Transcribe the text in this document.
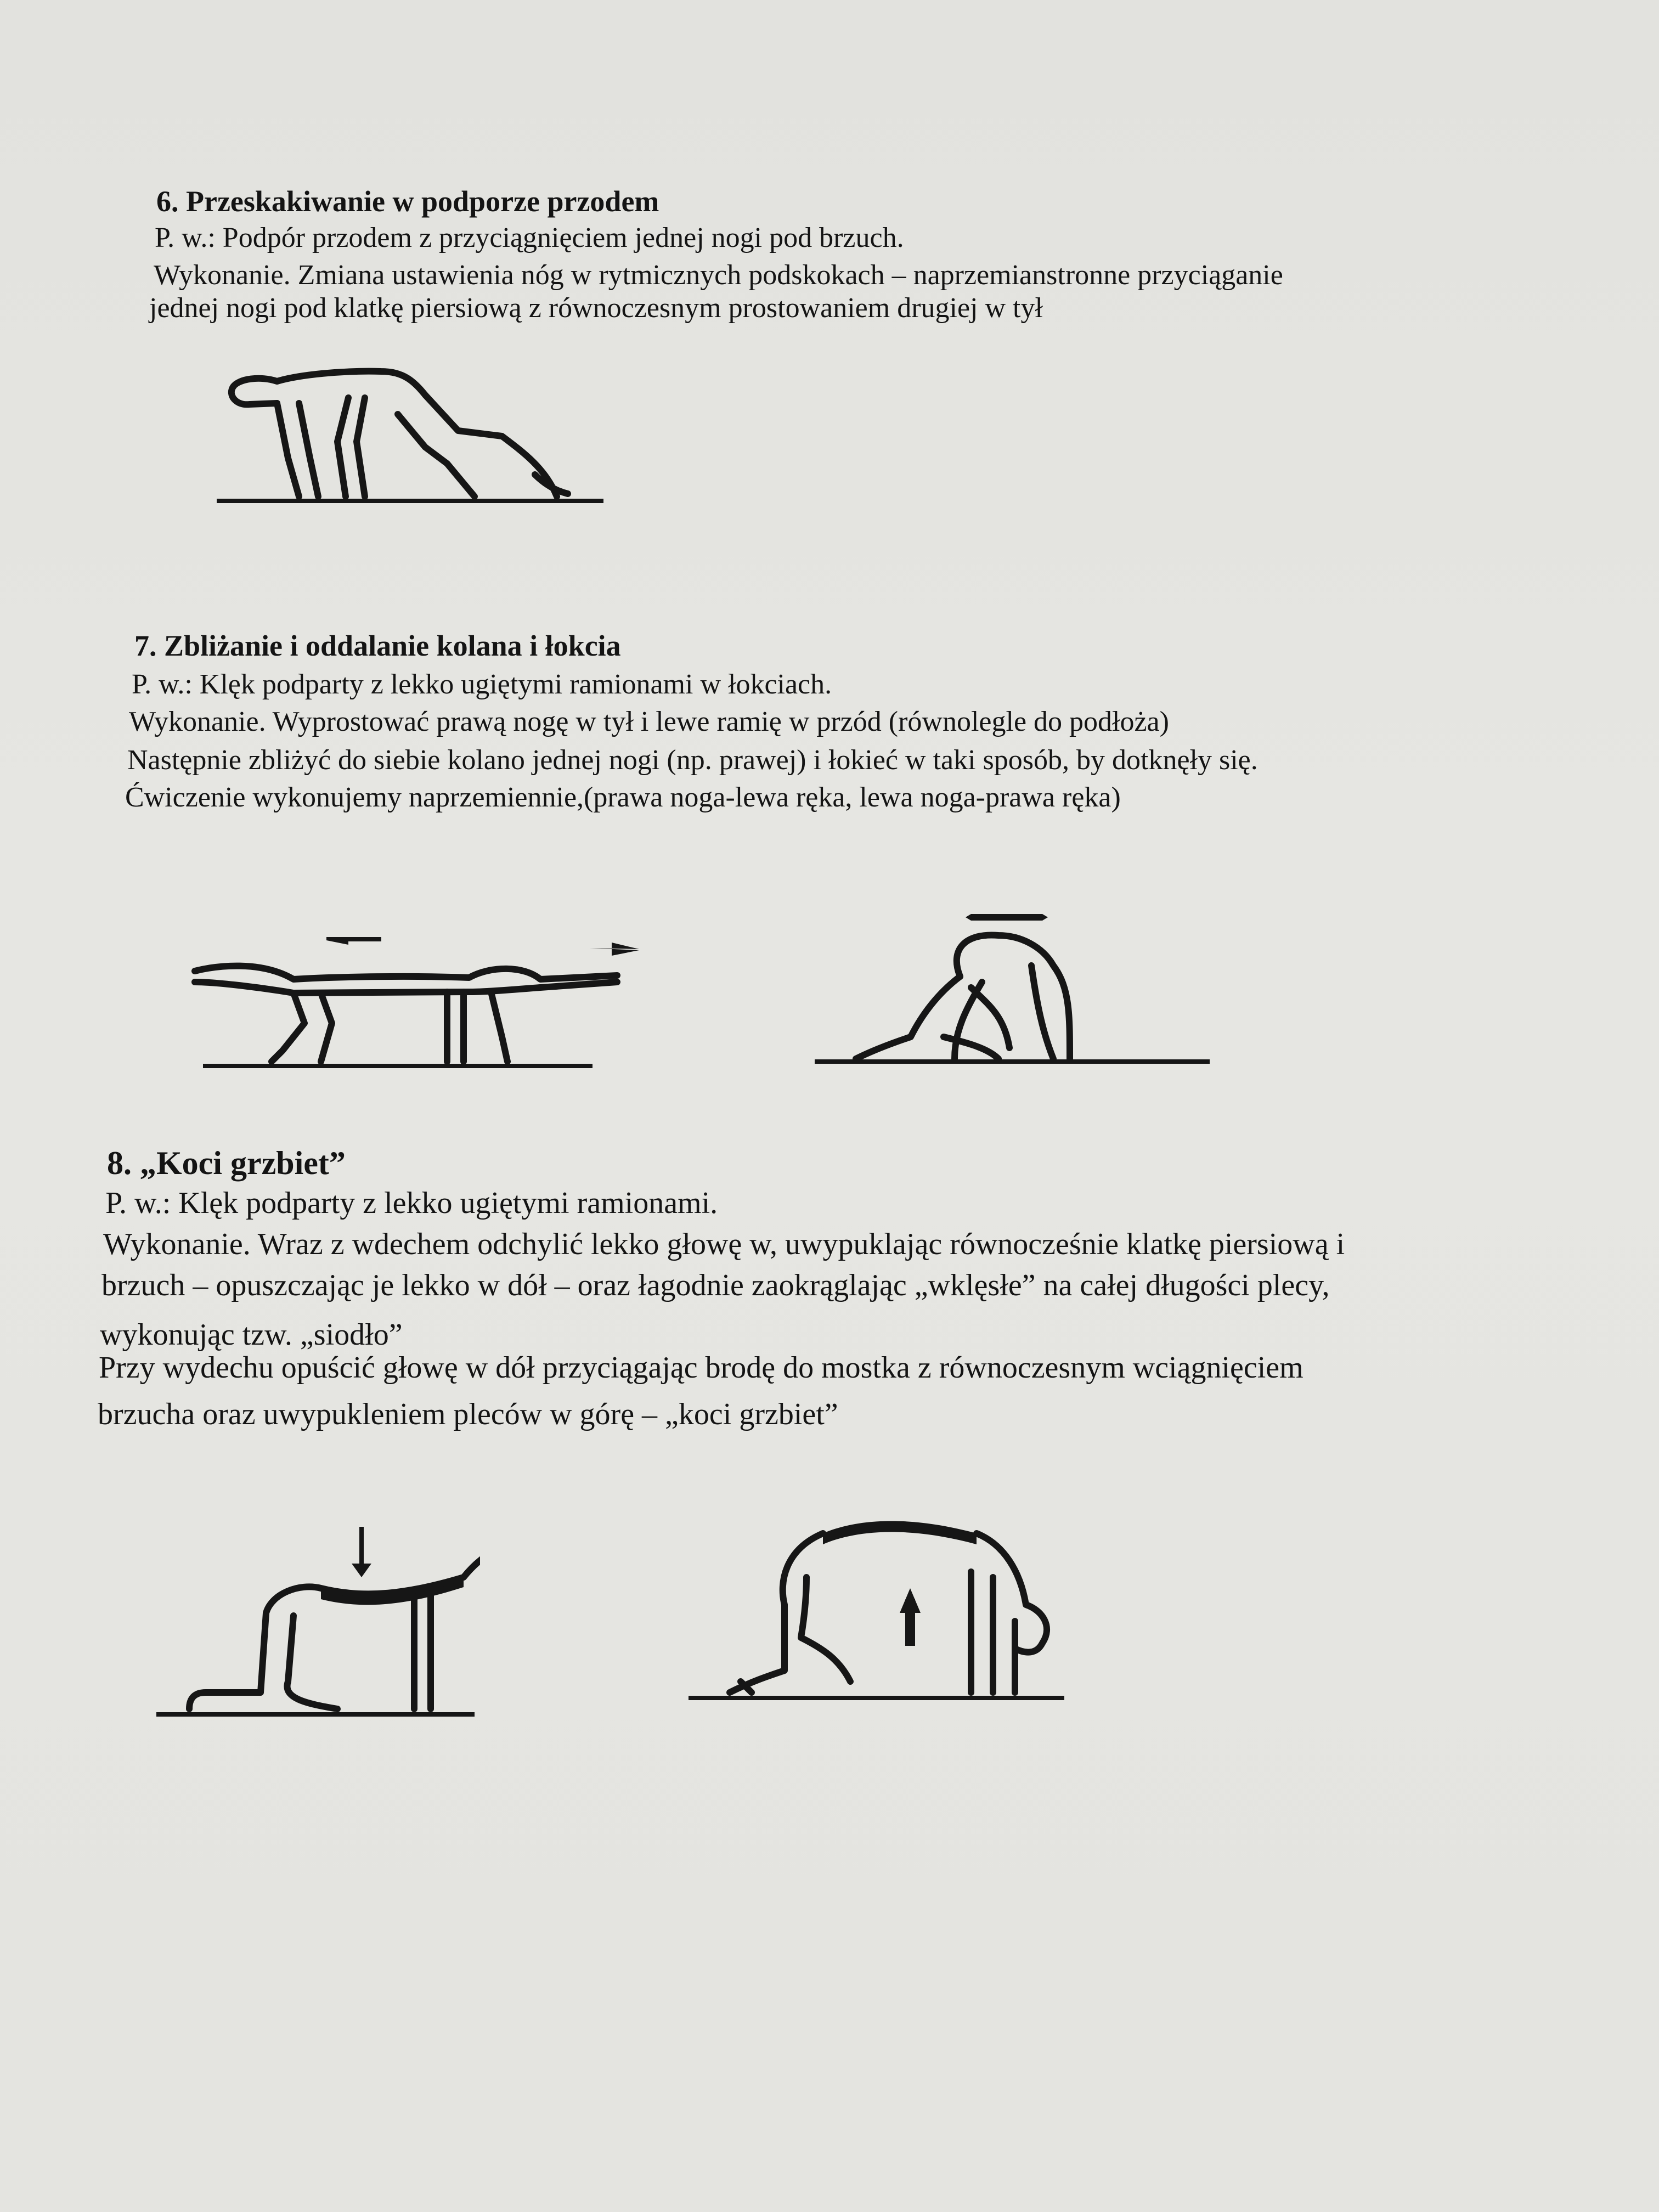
6. Przeskakiwanie w podporze przodem
P. w.: Podpór przodem z przyciągnięciem jednej nogi pod brzuch.
Wykonanie. Zmiana ustawienia nóg w rytmicznych podskokach – naprzemianstronne przyciąganie
jednej nogi pod klatkę piersiową z równoczesnym prostowaniem drugiej w tył
7. Zbliżanie i oddalanie kolana i łokcia
P. w.: Klęk podparty z lekko ugiętymi ramionami w łokciach.
Wykonanie. Wyprostować prawą nogę w tył i lewe ramię w przód (równolegle do podłoża)
Następnie zbliżyć do siebie kolano jednej nogi (np. prawej) i łokieć w taki sposób, by dotknęły się.
Ćwiczenie wykonujemy naprzemiennie,(prawa noga-lewa ręka, lewa noga-prawa ręka)
8. „Koci grzbiet”
P. w.: Klęk podparty z lekko ugiętymi ramionami.
Wykonanie. Wraz z wdechem odchylić lekko głowę w, uwypuklając równocześnie klatkę piersiową i
brzuch – opuszczając je lekko w dół – oraz łagodnie zaokrąglając „wklęsłe” na całej długości plecy,
wykonując tzw. „siodło”
Przy wydechu opuścić głowę w dół przyciągając brodę do mostka z równoczesnym wciągnięciem
brzucha oraz uwypukleniem pleców w górę – „koci grzbiet”
